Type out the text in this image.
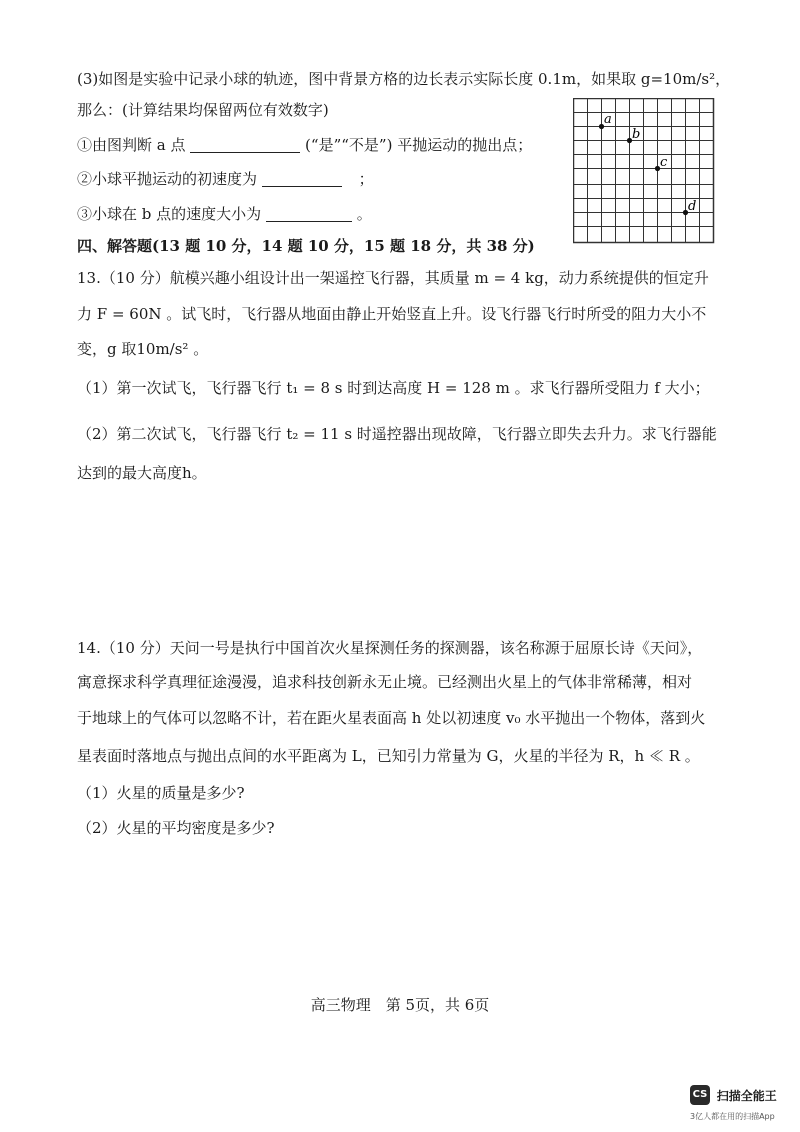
(3)如图是实验中记录小球的轨迹，图中背景方格的边长表示实际长度 0.1m，如果取 g=10m/s²，
那么：(计算结果均保留两位有效数字)
①由图判断 a 点	(“是”“不是”) 平抛运动的抛出点；
②小球平抛运动的初速度为	；
③小球在 b 点的速度大小为	。
a
b
c
d
四、解答题(13 题 10 分，14 题 10 分，15 题 18 分，共 38 分)
13.（10 分）航模兴趣小组设计出一架遥控飞行器，其质量 m = 4 kg，动力系统提供的恒定升
力 F = 60N 。试飞时，飞行器从地面由静止开始竖直上升。设飞行器飞行时所受的阻力大小不
变，g 取10m/s² 。
（1）第一次试飞，飞行器飞行 t₁ = 8 s 时到达高度 H = 128 m 。求飞行器所受阻力 f 大小；
（2）第二次试飞，飞行器飞行 t₂ = 11 s 时遥控器出现故障，飞行器立即失去升力。求飞行器能
达到的最大高度h。
14.（10 分）天问一号是执行中国首次火星探测任务的探测器，该名称源于屈原长诗《天问》，
寓意探求科学真理征途漫漫，追求科技创新永无止境。已经测出火星上的气体非常稀薄，相对
于地球上的气体可以忽略不计，若在距火星表面高 h 处以初速度 v₀ 水平抛出一个物体，落到火
星表面时落地点与抛出点间的水平距离为 L，已知引力常量为 G，火星的半径为 R，h ≪ R 。
（1）火星的质量是多少?
（2）火星的平均密度是多少?
高三物理　第 5页，共 6页
CS 扫描全能王
3亿人都在用的扫描App
